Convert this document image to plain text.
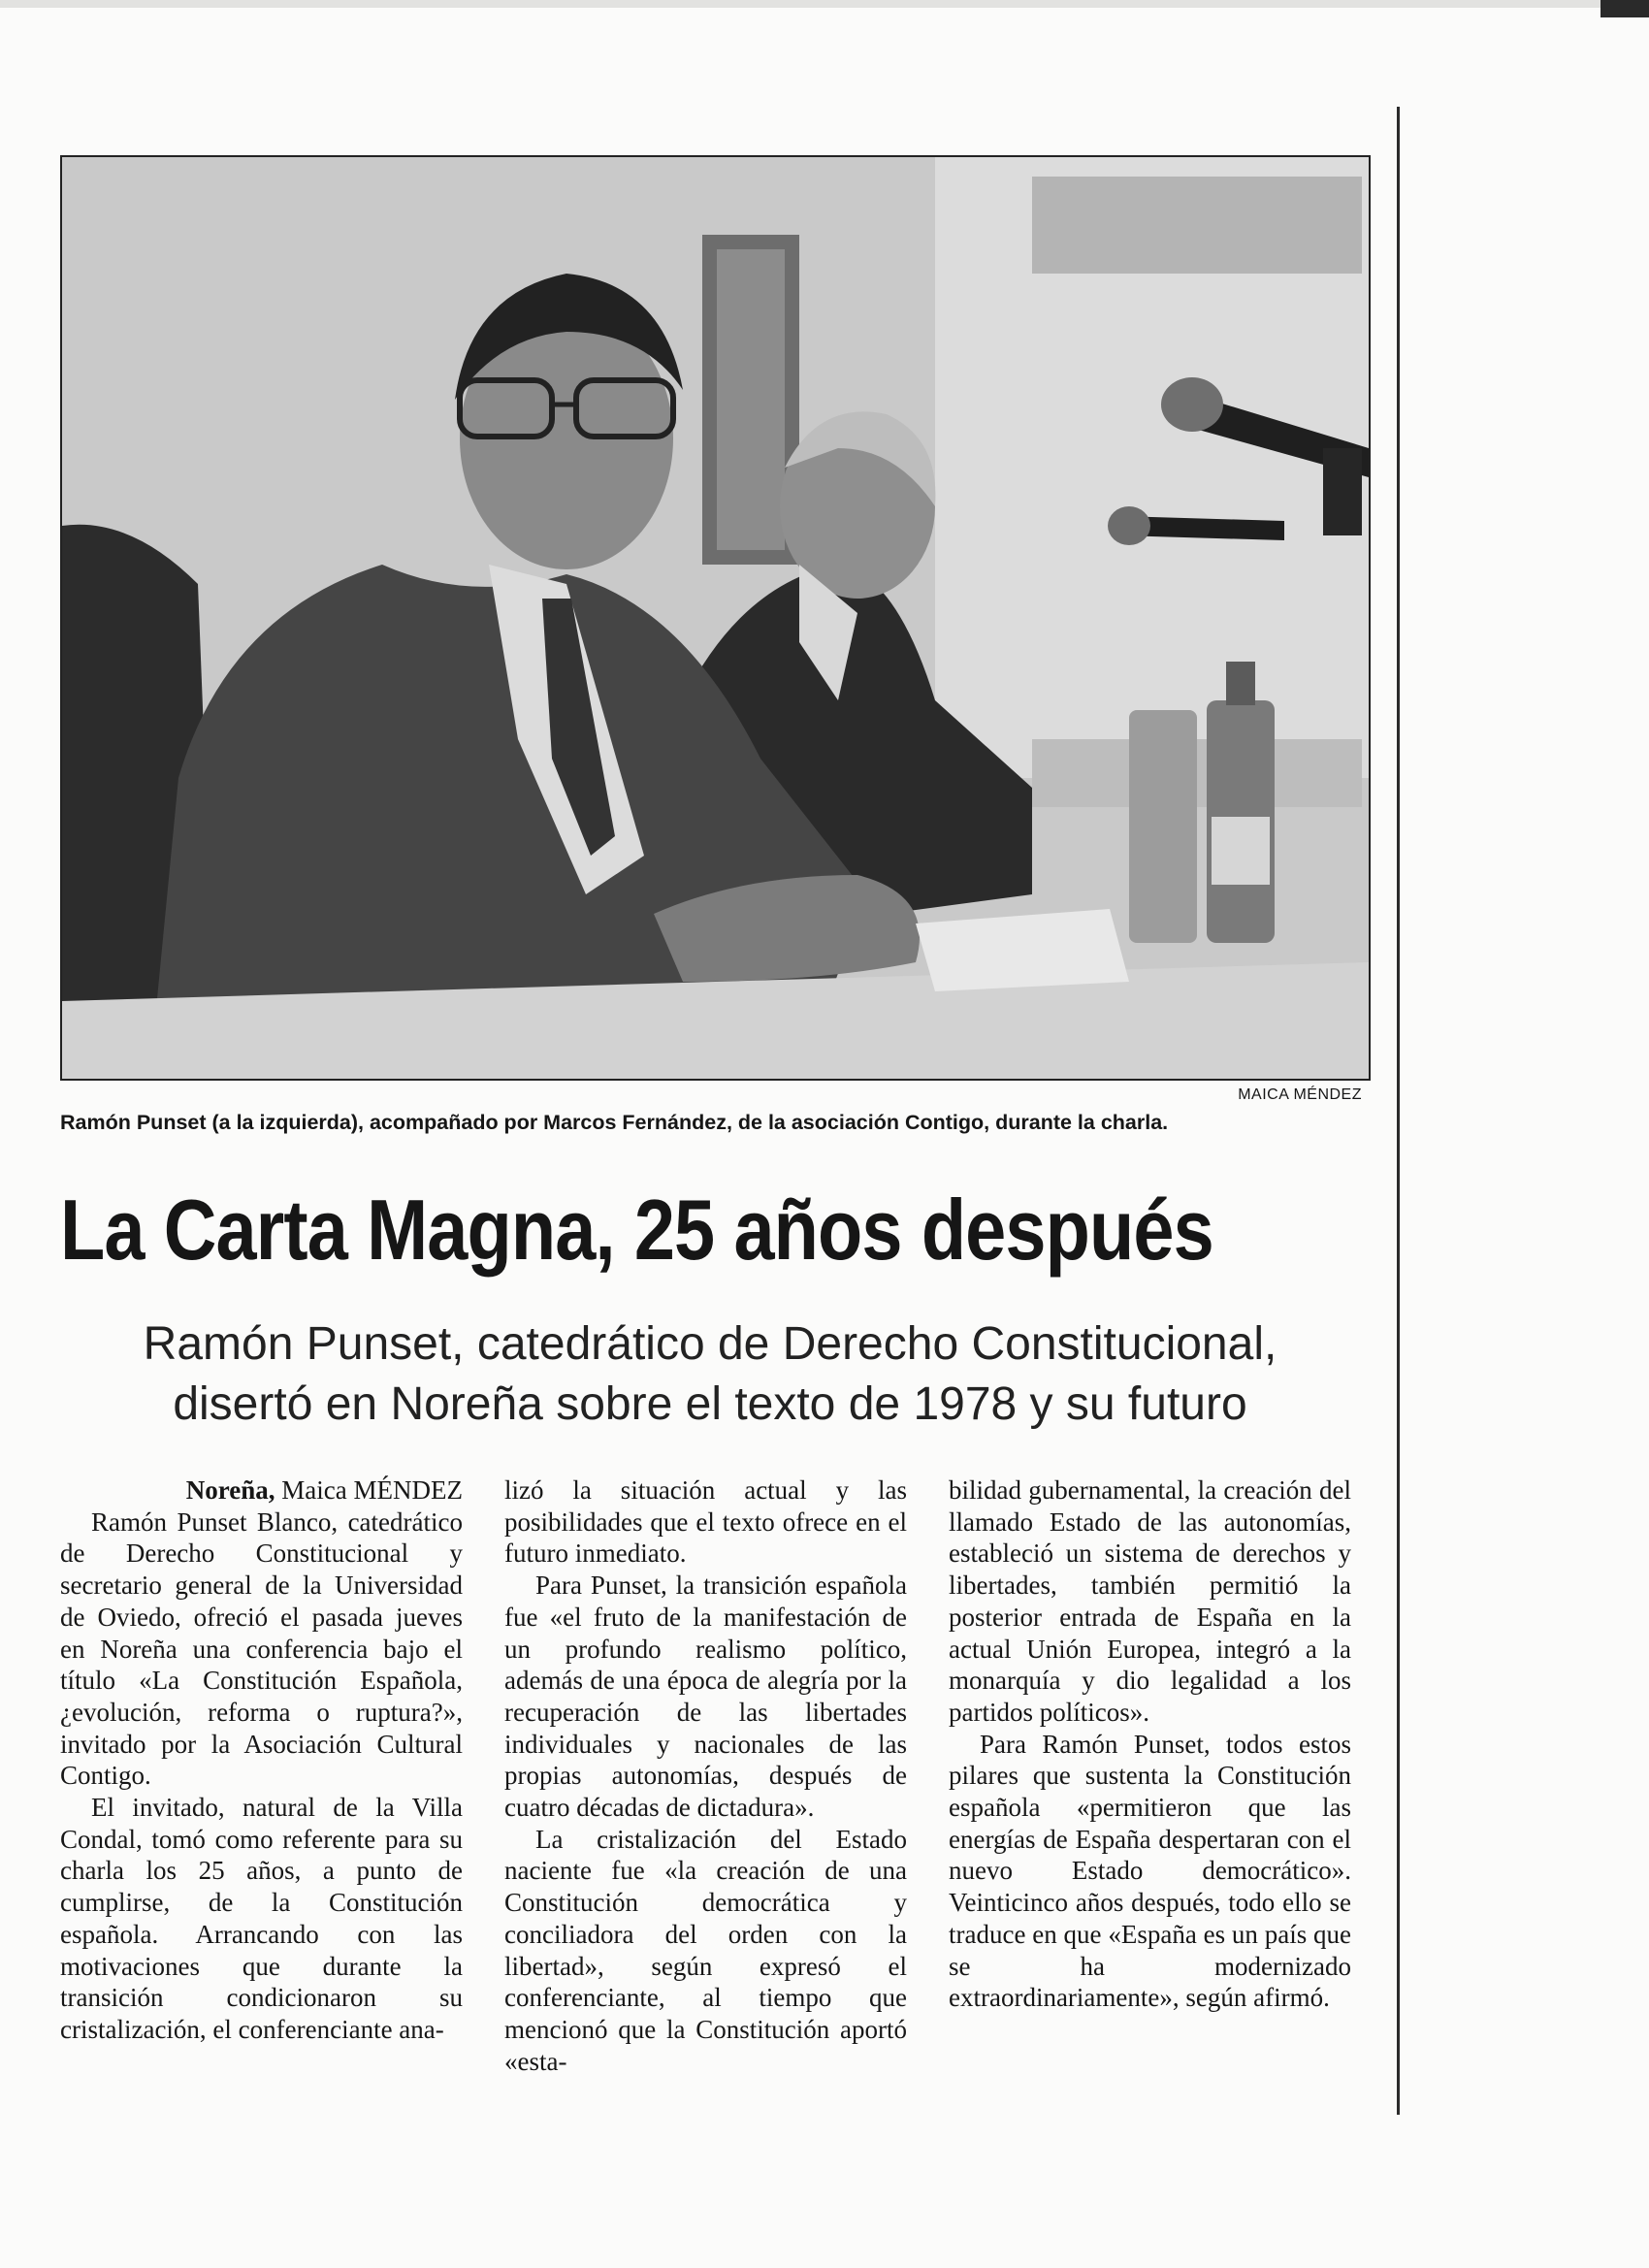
MAICA MÉNDEZ
Ramón Punset (a la izquierda), acompañado por Marcos Fernández, de la asociación Contigo, durante la charla.
La Carta Magna, 25 años después
Ramón Punset, catedrático de Derecho Constitucional,
disertó en Noreña sobre el texto de 1978 y su futuro

Noreña, Maica MÉNDEZ

Ramón Punset Blanco, catedrático de Derecho Constitucional y secretario general de la Universidad de Oviedo, ofreció el pasada jueves en Noreña una conferencia bajo el título «La Constitución Española, ¿evolución, reforma o ruptura?», invitado por la Asociación Cultural Contigo.

El invitado, natural de la Villa Condal, tomó como referente para su charla los 25 años, a punto de cumplirse, de la Constitución española. Arrancando con las motivaciones que durante la transición condicionaron su cristalización, el conferenciante ana-

lizó la situación actual y las posibilidades que el texto ofrece en el futuro inmediato.

Para Punset, la transición española fue «el fruto de la manifestación de un profundo realismo político, además de una época de alegría por la recuperación de las libertades individuales y nacionales de las propias autonomías, después de cuatro décadas de dictadura».

La cristalización del Estado naciente fue «la creación de una Constitución democrática y conciliadora del orden con la libertad», según expresó el conferenciante, al tiempo que mencionó que la Constitución aportó «esta-

bilidad gubernamental, la creación del llamado Estado de las autonomías, estableció un sistema de derechos y libertades, también permitió la posterior entrada de España en la actual Unión Europea, integró a la monarquía y dio legalidad a los partidos políticos».

Para Ramón Punset, todos estos pilares que sustenta la Constitución española «permitieron que las energías de España despertaran con el nuevo Estado democrático». Veinticinco años después, todo ello se traduce en que «España es un país que se ha modernizado extraordinariamente», según afirmó.
